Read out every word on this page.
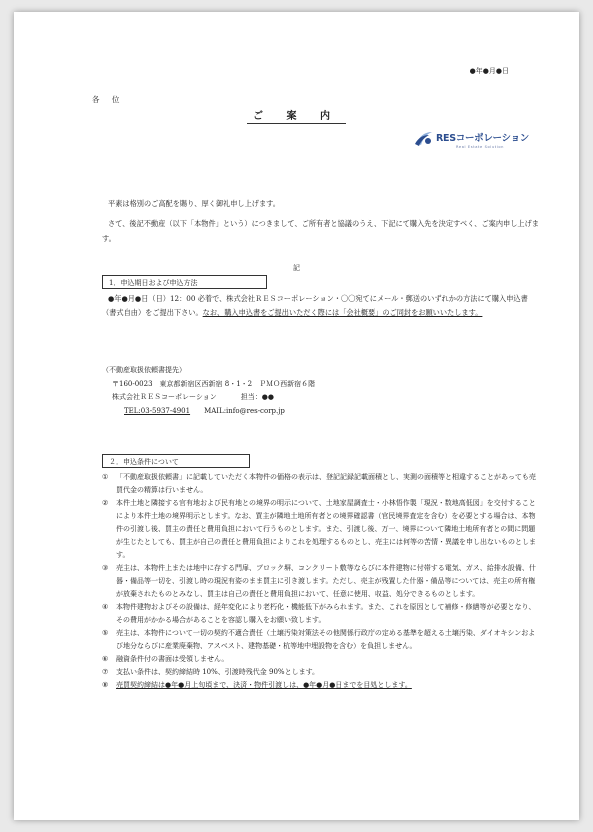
●年●月●日
各 位
ご 案 内
RESコーポレーション
Real Estate Solution
平素は格別のご高配を賜り、厚く御礼申し上げます。
さて、後記不動産（以下「本物件」という）につきまして、ご所有者と協議のうえ、下記にて購入先を決定すべく、ご案内申し上げます。
記
1．申込期日および申込方法
●年●月●日（日）12：00 必着で、株式会社ＲＥＳコーポレーション・〇〇宛てにメール・郵送のいずれかの方法にて購入申込書（書式自由）をご提出下さい。なお、購入申込書をご提出いただく際には「会社概要」のご同封をお願いいたします。
（不動産取扱依頼書提先）
〒160-0023　東京都新宿区西新宿 8・1・2　ＰＭＯ西新宿６階
株式会社ＲＥＳコーポレーション	担当：●●
TEL:03-5937-4901 MAIL:info@res-corp.jp
２．申込条件について
① 「不動産取扱依頼書」に記載していただく本物件の価格の表示は、登記記録記載面積とし、実測の面積等と相違することがあっても売買代金の精算は行いません。
② 本件土地と隣接する官有地および民有地との境界の明示について、土地家屋調査士・小林悟作製「現況・数地高低図」を交付することにより本件土地の境界明示とします。なお、買主が隣地土地所有者との境界確認書（官民境界査定を含む）を必要とする場合は、本物件の引渡し後、買主の責任と費用負担において行うものとします。また、引渡し後、万一、境界について隣地土地所有者との間に問題が生じたとしても、買主が自己の責任と費用負担によりこれを処理するものとし、売主には何等の苦情・異議を申し出ないものとします。
③ 売主は、本物件上または地中に存する門扉、ブロック塀、コンクリート敷等ならびに本件建物に付帯する電気、ガス、給排水設備、什器・備品等一切を、引渡し時の現況有姿のまま買主に引き渡します。ただし、売主が残置した什器・備品等については、売主の所有権が放棄されたものとみなし、買主は自己の責任と費用負担において、任意に使用、収益、処分できるものとします。
④ 本物件建物およびその設備は、経年変化により老朽化・機能低下がみられます。また、これを原因として補修・修繕等が必要となり、その費用がかかる場合があることを容認し購入をお願い致します。
⑤ 売主は、本物件について一切の契約不適合責任（土壌汚染対策法その他関係行政庁の定める基準を超える土壌汚染、ダイオキシンおよび地分ならびに産業廃棄物、アスベスト、建物基礎・杭等地中埋設物を含む）を負担しません。
⑥ 融資条件付の書面は受領しません。
⑦ 支払い条件は、契約締結時 10%、引渡時残代金 90%とします。
⑧ 売買契約締結は●年●月上旬頃まで、決済・物件引渡しは、●年●月●日までを目処とします。
